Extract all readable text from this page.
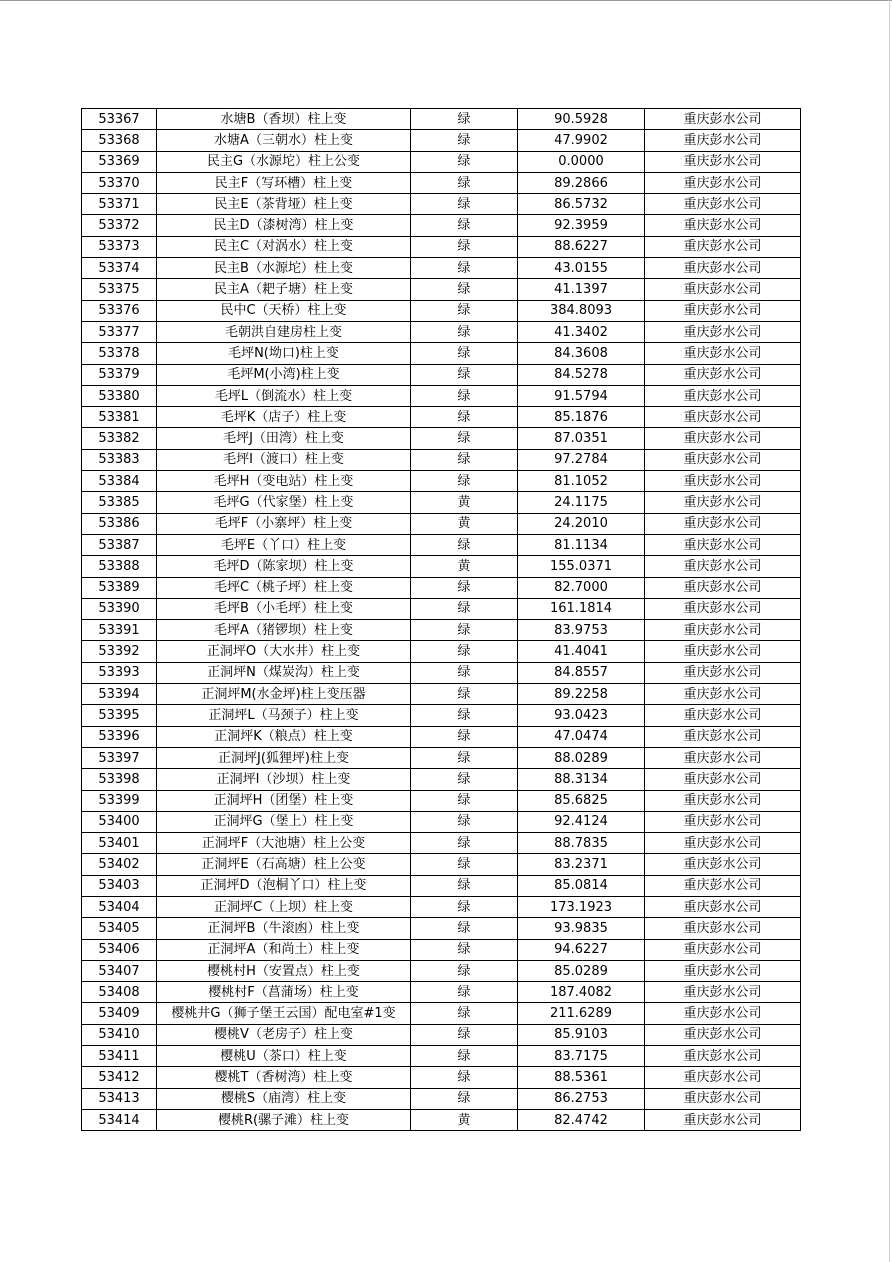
53367	水塘B（香坝）柱上变	绿	90.5928	重庆彭水公司
53368	水塘A（三朝水）柱上变	绿	47.9902	重庆彭水公司
53369	民主G（水源坨）柱上公变	绿	0.0000	重庆彭水公司
53370	民主F（写环槽）柱上变	绿	89.2866	重庆彭水公司
53371	民主E（茶背垭）柱上变	绿	86.5732	重庆彭水公司
53372	民主D（漆树湾）柱上变	绿	92.3959	重庆彭水公司
53373	民主C（对涡水）柱上变	绿	88.6227	重庆彭水公司
53374	民主B（水源坨）柱上变	绿	43.0155	重庆彭水公司
53375	民主A（耙子塘）柱上变	绿	41.1397	重庆彭水公司
53376	民中C（天桥）柱上变	绿	384.8093	重庆彭水公司
53377	毛朝洪自建房柱上变	绿	41.3402	重庆彭水公司
53378	毛坪N(坳口)柱上变	绿	84.3608	重庆彭水公司
53379	毛坪M(小湾)柱上变	绿	84.5278	重庆彭水公司
53380	毛坪L（倒流水）柱上变	绿	91.5794	重庆彭水公司
53381	毛坪K（店子）柱上变	绿	85.1876	重庆彭水公司
53382	毛坪J（田湾）柱上变	绿	87.0351	重庆彭水公司
53383	毛坪I（渡口）柱上变	绿	97.2784	重庆彭水公司
53384	毛坪H（变电站）柱上变	绿	81.1052	重庆彭水公司
53385	毛坪G（代家堡）柱上变	黄	24.1175	重庆彭水公司
53386	毛坪F（小寨坪）柱上变	黄	24.2010	重庆彭水公司
53387	毛坪E（丫口）柱上变	绿	81.1134	重庆彭水公司
53388	毛坪D（陈家坝）柱上变	黄	155.0371	重庆彭水公司
53389	毛坪C（桃子坪）柱上变	绿	82.7000	重庆彭水公司
53390	毛坪B（小毛坪）柱上变	绿	161.1814	重庆彭水公司
53391	毛坪A（猪锣坝）柱上变	绿	83.9753	重庆彭水公司
53392	正洞坪O（大水井）柱上变	绿	41.4041	重庆彭水公司
53393	正洞坪N（煤炭沟）柱上变	绿	84.8557	重庆彭水公司
53394	正洞坪M(水金坪)柱上变压器	绿	89.2258	重庆彭水公司
53395	正洞坪L（马颈子）柱上变	绿	93.0423	重庆彭水公司
53396	正洞坪K（粮点）柱上变	绿	47.0474	重庆彭水公司
53397	正洞坪J(狐狸坪)柱上变	绿	88.0289	重庆彭水公司
53398	正洞坪I（沙坝）柱上变	绿	88.3134	重庆彭水公司
53399	正洞坪H（团堡）柱上变	绿	85.6825	重庆彭水公司
53400	正洞坪G（堡上）柱上变	绿	92.4124	重庆彭水公司
53401	正洞坪F（大池塘）柱上公变	绿	88.7835	重庆彭水公司
53402	正洞坪E（石高塘）柱上公变	绿	83.2371	重庆彭水公司
53403	正洞坪D（泡桐丫口）柱上变	绿	85.0814	重庆彭水公司
53404	正洞坪C（上坝）柱上变	绿	173.1923	重庆彭水公司
53405	正洞坪B（牛滚凼）柱上变	绿	93.9835	重庆彭水公司
53406	正洞坪A（和尚土）柱上变	绿	94.6227	重庆彭水公司
53407	樱桃村H（安置点）柱上变	绿	85.0289	重庆彭水公司
53408	樱桃村F（菖蒲场）柱上变	绿	187.4082	重庆彭水公司
53409	樱桃井G（狮子堡王云国）配电室#1变	绿	211.6289	重庆彭水公司
53410	樱桃V（老房子）柱上变	绿	85.9103	重庆彭水公司
53411	樱桃U（茶口）柱上变	绿	83.7175	重庆彭水公司
53412	樱桃T（香树湾）柱上变	绿	88.5361	重庆彭水公司
53413	樱桃S（庙湾）柱上变	绿	86.2753	重庆彭水公司
53414	樱桃R(骡子滩）柱上变	黄	82.4742	重庆彭水公司
